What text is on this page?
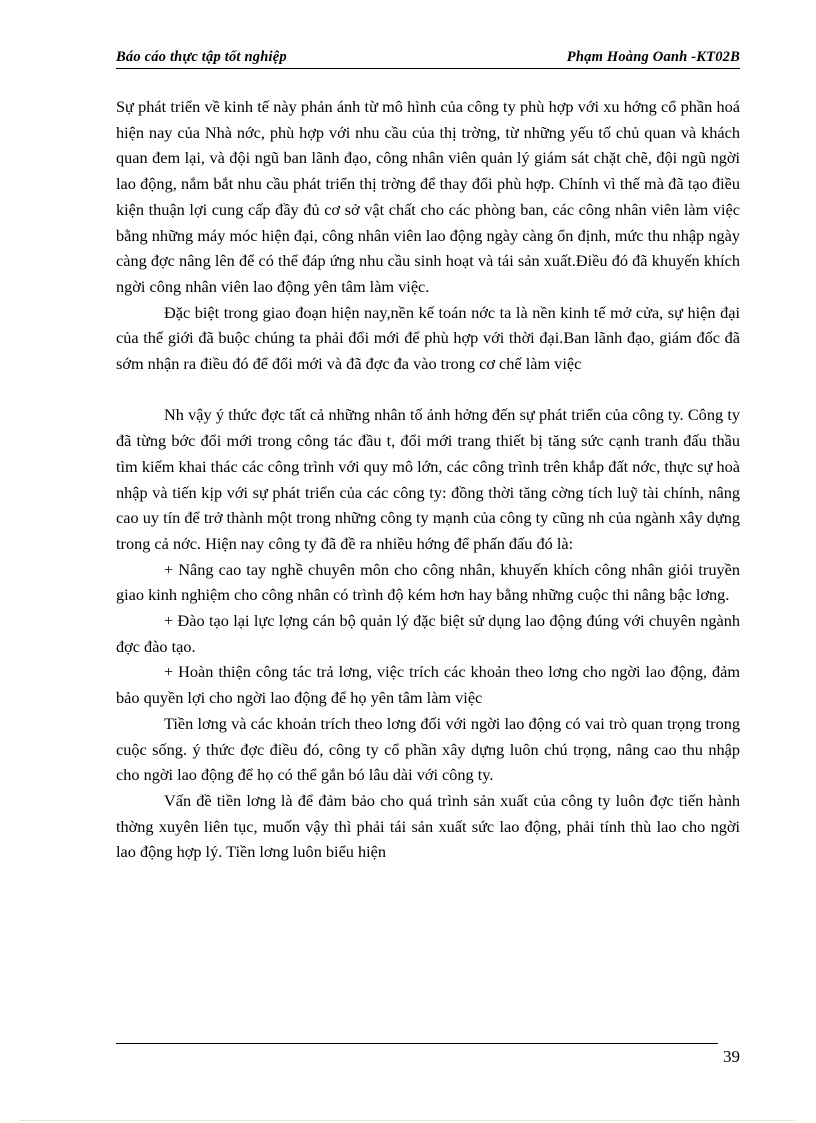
Báo cáo thực tập tốt nghiệp	Phạm Hoàng Oanh -KT02B

Sự phát triển về kinh tế này phản ánh từ mô hình của công ty phù hợp với xu hớng cổ phần hoá hiện nay của Nhà nớc, phù hợp với nhu cầu của thị trờng, từ những yếu tố chủ quan và khách quan đem lại, và đội ngũ ban lãnh đạo, công nhân viên quản lý giám sát chặt chẽ, đội ngũ ngời lao động, nắm bắt nhu cầu phát triển thị trờng để thay đổi phù hợp. Chính vì thế mà đã tạo điều kiện thuận lợi cung cấp đầy đủ cơ sở vật chất cho các phòng ban, các công nhân viên làm việc bằng những máy móc hiện đại, công nhân viên lao động ngày càng ổn định, mức thu nhập ngày càng đợc nâng lên để có thể đáp ứng nhu cầu sinh hoạt và tái sản xuất.Điều đó đã khuyến khích ngời công nhân viên lao động yên tâm làm việc.

Đặc biệt trong giao đoạn hiện nay,nền kế toán nớc ta là nền kinh tế mở cửa, sự hiện đại của thế giới đã buộc chúng ta phải đổi mới để phù hợp với thời đại.Ban lãnh đạo, giám đốc đã sớm nhận ra điều đó để đổi mới và đã đợc đa vào trong cơ chế làm việc

Nh vậy ý thức đợc tất cả những nhân tố ảnh hởng đến sự phát triển của công ty. Công ty đã từng bớc đổi mới trong công tác đầu t, đổi mới trang thiết bị tăng sức cạnh tranh đấu thầu tìm kiếm khai thác các công trình với quy mô lớn, các công trình trên khắp đất nớc, thực sự hoà nhập và tiến kịp với sự phát triển của các công ty: đồng thời tăng cờng tích luỹ tài chính, nâng cao uy tín để trở thành một trong những công ty mạnh của công ty cũng nh của ngành xây dựng trong cả nớc. Hiện nay công ty đã đề ra nhiều hớng để phấn đấu đó là:

+ Nâng cao tay nghề chuyên môn cho công nhân, khuyến khích công nhân giỏi truyền giao kinh nghiệm cho công nhân có trình độ kém hơn hay bằng những cuộc thi nâng bậc lơng.

+ Đào tạo lại lực lợng cán bộ quản lý đặc biệt sử dụng lao động đúng với chuyên ngành đợc đào tạo.

+ Hoàn thiện công tác trả lơng, việc trích các khoản theo lơng cho ngời lao động, đảm bảo quyền lợi cho ngời lao động để họ yên tâm làm việc

Tiền lơng và các khoản trích theo lơng đối với ngời lao động có vai trò quan trọng trong cuộc sống. ý thức đợc điều đó, công ty cổ phần xây dựng luôn chú trọng, nâng cao thu nhập cho ngời lao động để họ có thể gắn bó lâu dài với công ty.

Vấn đề tiền lơng là để đảm bảo cho quá trình sản xuất của công ty luôn đợc tiến hành thờng xuyên liên tục, muốn vậy thì phải tái sản xuất sức lao động, phải tính thù lao cho ngời lao động hợp lý. Tiền lơng luôn biểu hiện

39
